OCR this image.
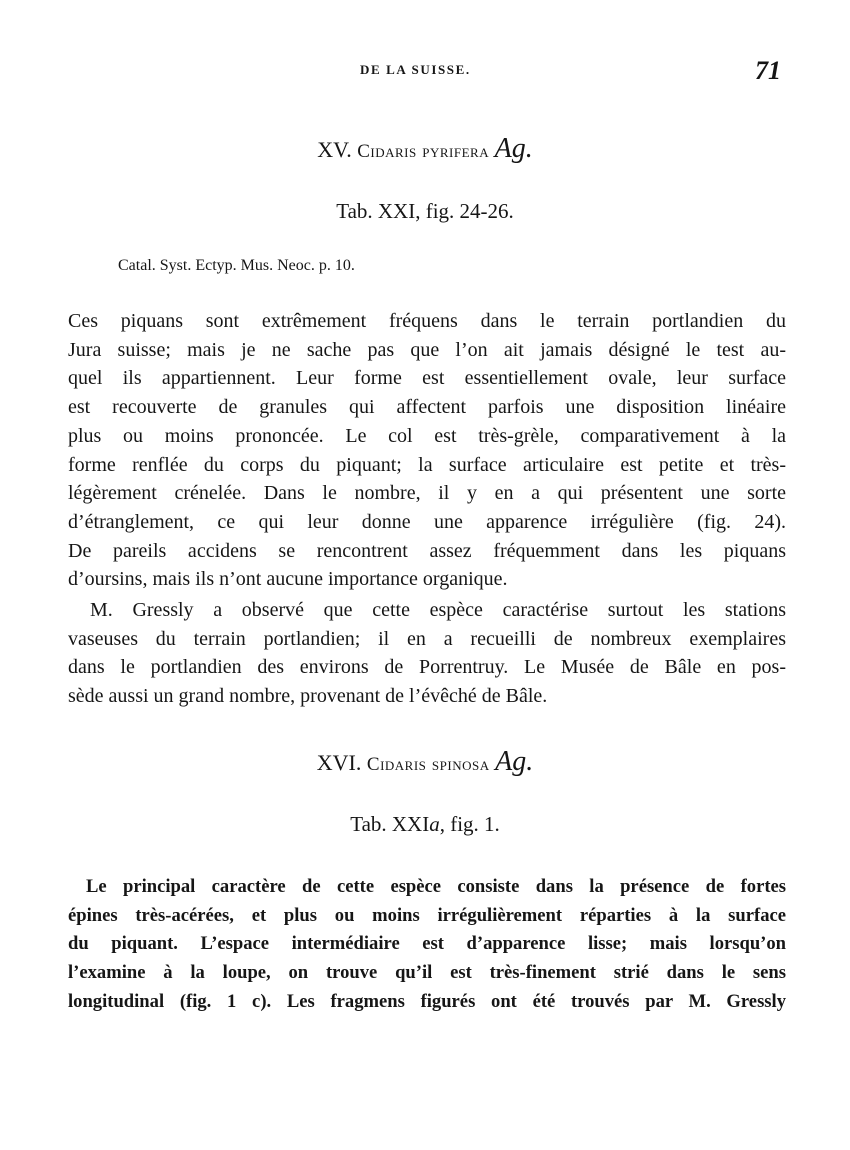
DE LA SUISSE.	71
XV. Cidaris pyrifera Ag.
Tab. XXI, fig. 24-26.
Catal. Syst. Ectyp. Mus. Neoc. p. 10.

Ces piquans sont extrêmement fréquens dans le terrain portlandien du
Jura suisse; mais je ne sache pas que l’on ait jamais désigné le test au-
quel ils appartiennent. Leur forme est essentiellement ovale, leur surface
est recouverte de granules qui affectent parfois une disposition linéaire
plus ou moins prononcée. Le col est très-grèle, comparativement à la
forme renflée du corps du piquant; la surface articulaire est petite et très-
légèrement crénelée. Dans le nombre, il y en a qui présentent une sorte
d’étranglement, ce qui leur donne une apparence irrégulière (fig. 24).
De pareils accidens se rencontrent assez fréquemment dans les piquans
d’oursins, mais ils n’ont aucune importance organique.

M. Gressly a observé que cette espèce caractérise surtout les stations
vaseuses du terrain portlandien; il en a recueilli de nombreux exemplaires
dans le portlandien des environs de Porrentruy. Le Musée de Bâle en pos-
sède aussi un grand nombre, provenant de l’évêché de Bâle.

XVI. Cidaris spinosa Ag.
Tab. XXIa, fig. 1.

Le principal caractère de cette espèce consiste dans la présence de fortes
épines très-acérées, et plus ou moins irrégulièrement réparties à la surface
du piquant. L’espace intermédiaire est d’apparence lisse; mais lorsqu’on
l’examine à la loupe, on trouve qu’il est très-finement strié dans le sens
longitudinal (fig. 1 c). Les fragmens figurés ont été trouvés par M. Gressly
